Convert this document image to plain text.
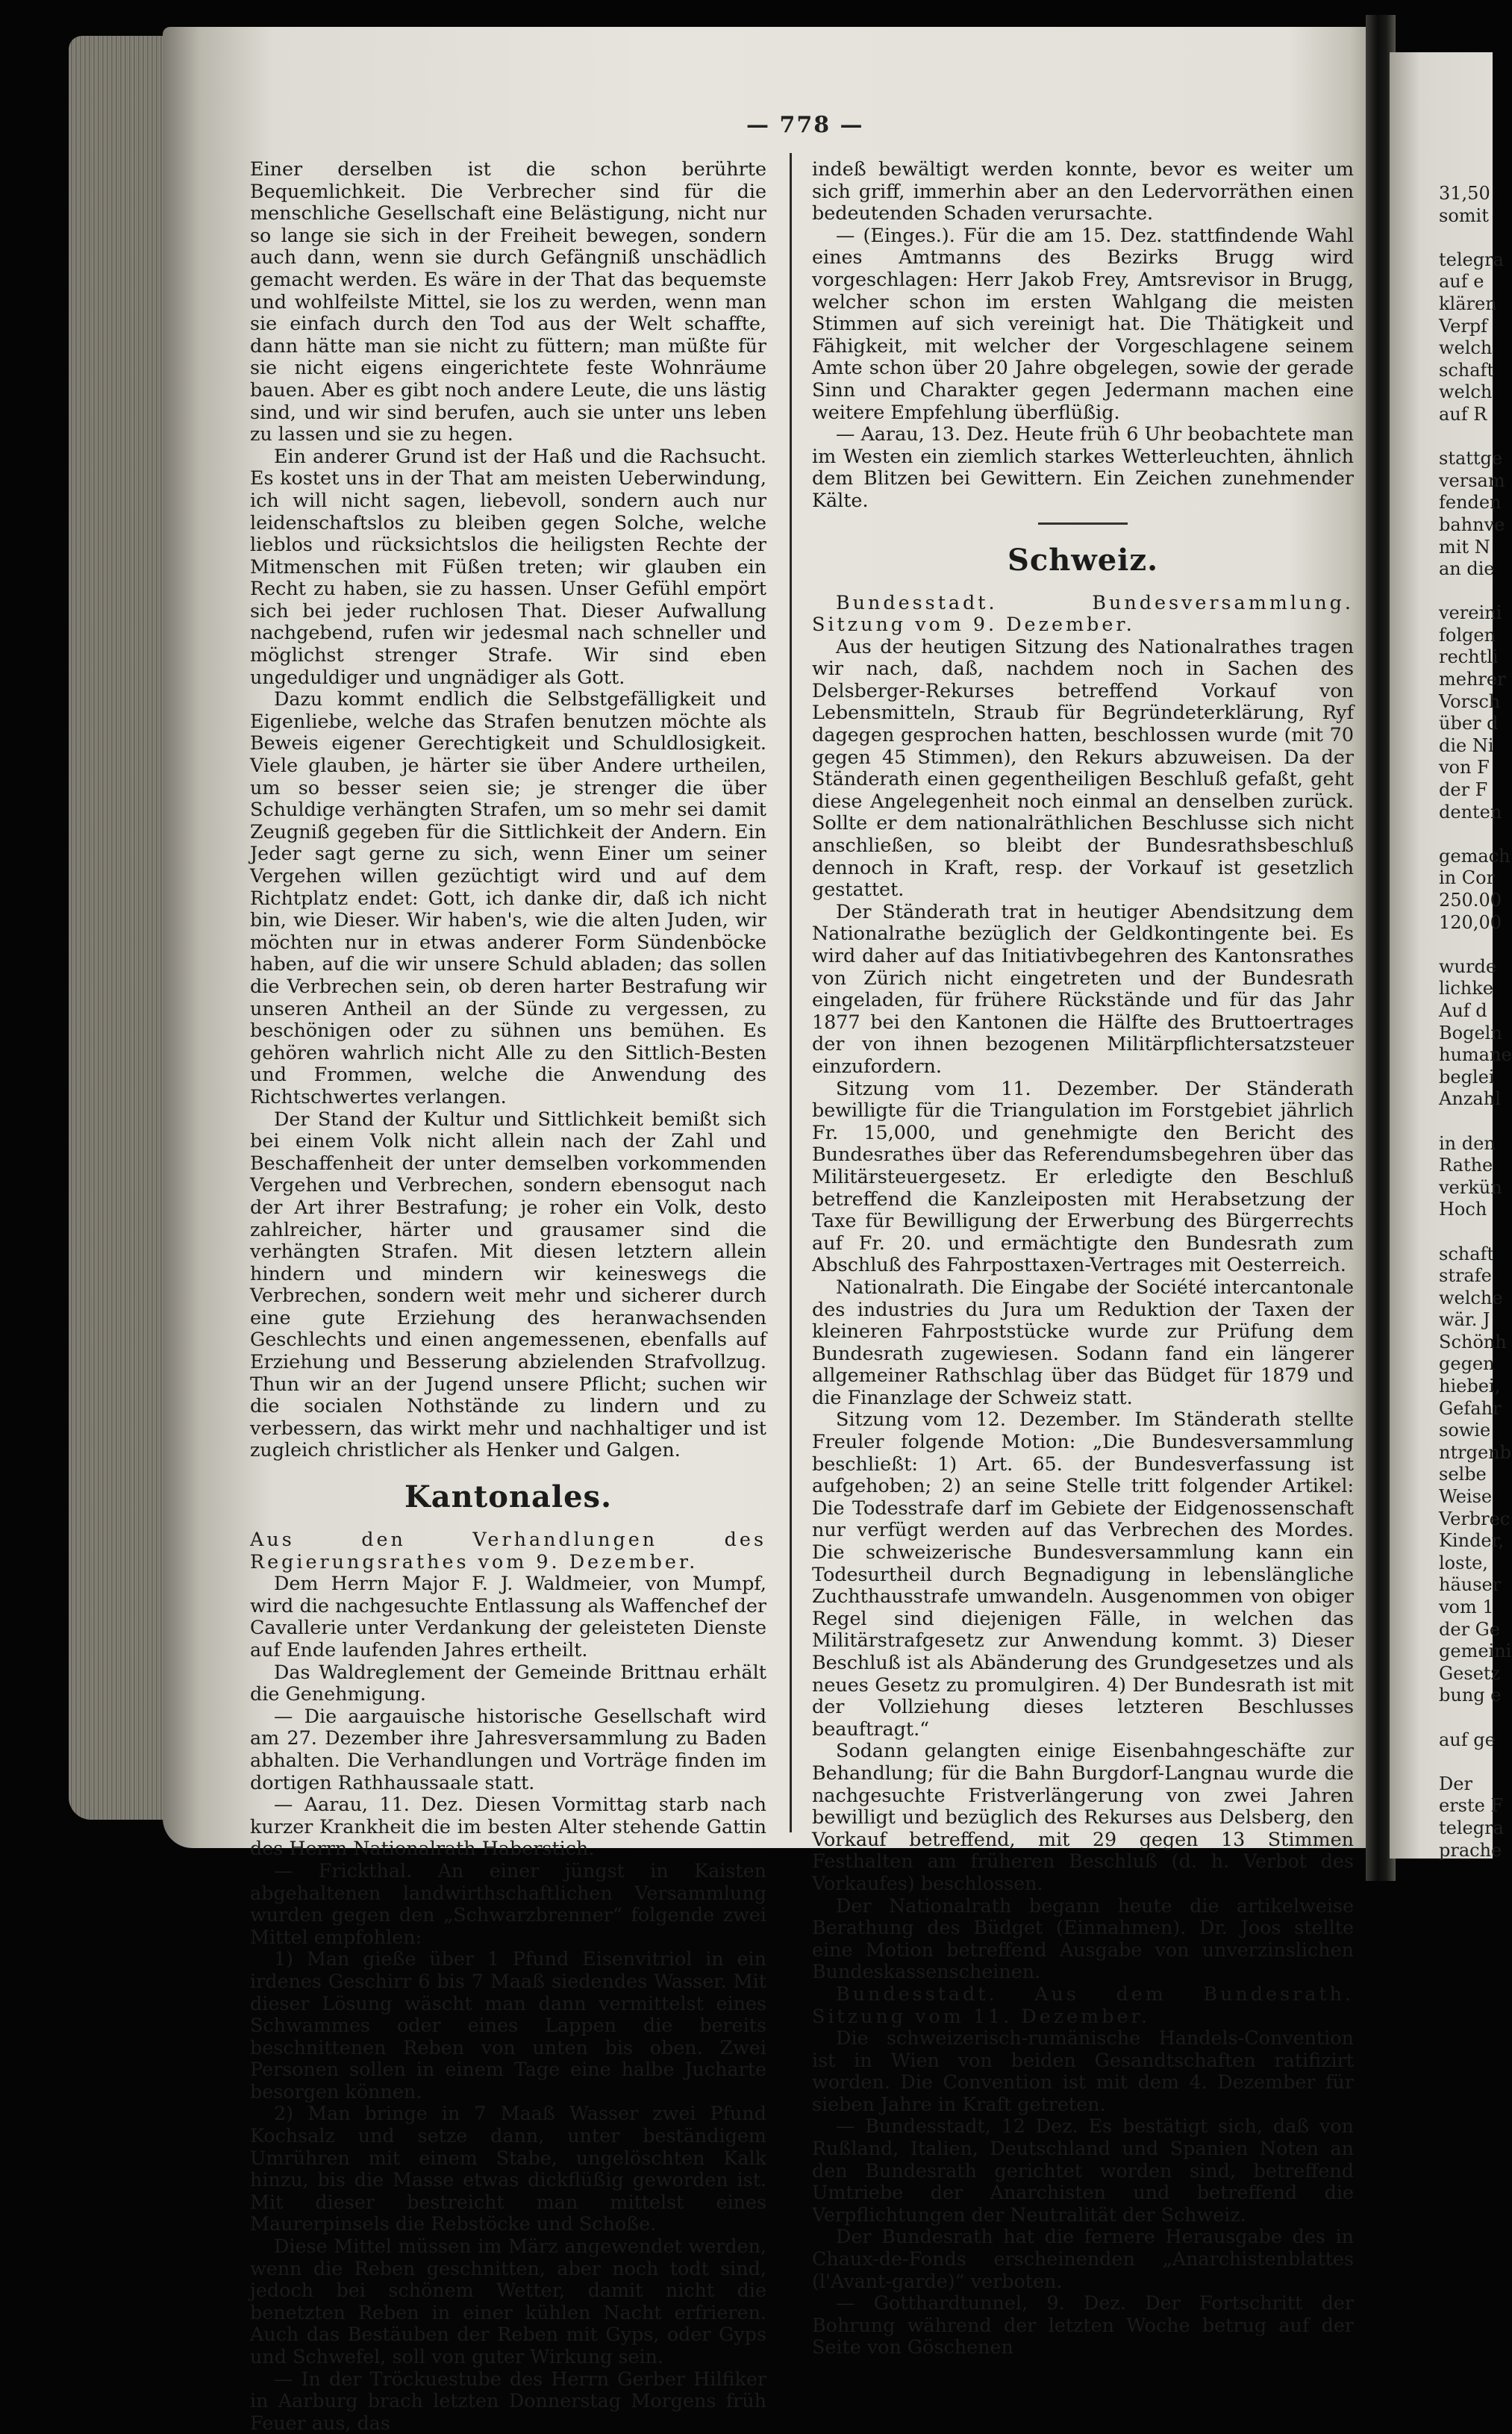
— 778 —

Einer derselben ist die schon berührte Bequemlichkeit. Die Verbrecher sind für die menschliche Gesellschaft eine Belästigung, nicht nur so lange sie sich in der Freiheit bewegen, sondern auch dann, wenn sie durch Gefängniß unschädlich gemacht werden. Es wäre in der That das bequemste und wohlfeilste Mittel, sie los zu werden, wenn man sie einfach durch den Tod aus der Welt schaffte, dann hätte man sie nicht zu füttern; man müßte für sie nicht eigens eingerichtete feste Wohnräume bauen. Aber es gibt noch andere Leute, die uns lästig sind, und wir sind berufen, auch sie unter uns leben zu lassen und sie zu hegen.

Ein anderer Grund ist der Haß und die Rachsucht. Es kostet uns in der That am meisten Ueberwindung, ich will nicht sagen, liebevoll, sondern auch nur leidenschaftslos zu bleiben gegen Solche, welche lieblos und rücksichtslos die heiligsten Rechte der Mitmenschen mit Füßen treten; wir glauben ein Recht zu haben, sie zu hassen. Unser Gefühl empört sich bei jeder ruchlosen That. Dieser Aufwallung nachgebend, rufen wir jedesmal nach schneller und möglichst strenger Strafe. Wir sind eben ungeduldiger und ungnädiger als Gott.

Dazu kommt endlich die Selbstgefälligkeit und Eigenliebe, welche das Strafen benutzen möchte als Beweis eigener Gerechtigkeit und Schuldlosigkeit. Viele glauben, je härter sie über Andere urtheilen, um so besser seien sie; je strenger die über Schuldige verhängten Strafen, um so mehr sei damit Zeugniß gegeben für die Sittlichkeit der Andern. Ein Jeder sagt gerne zu sich, wenn Einer um seiner Vergehen willen gezüchtigt wird und auf dem Richtplatz endet: Gott, ich danke dir, daß ich nicht bin, wie Dieser. Wir haben's, wie die alten Juden, wir möchten nur in etwas anderer Form Sündenböcke haben, auf die wir unsere Schuld abladen; das sollen die Verbrechen sein, ob deren harter Bestrafung wir unseren Antheil an der Sünde zu vergessen, zu beschönigen oder zu sühnen uns bemühen. Es gehören wahrlich nicht Alle zu den Sittlich-Besten und Frommen, welche die Anwendung des Richtschwertes verlangen.

Der Stand der Kultur und Sittlichkeit bemißt sich bei einem Volk nicht allein nach der Zahl und Beschaffenheit der unter demselben vorkommenden Vergehen und Verbrechen, sondern ebensogut nach der Art ihrer Bestrafung; je roher ein Volk, desto zahlreicher, härter und grausamer sind die verhängten Strafen. Mit diesen letztern allein hindern und mindern wir keineswegs die Verbrechen, sondern weit mehr und sicherer durch eine gute Erziehung des heranwachsenden Geschlechts und einen angemessenen, ebenfalls auf Erziehung und Besserung abzielenden Strafvollzug. Thun wir an der Jugend unsere Pflicht; suchen wir die socialen Nothstände zu lindern und zu verbessern, das wirkt mehr und nachhaltiger und ist zugleich christlicher als Henker und Galgen.

Kantonales.

Aus den Verhandlungen des Regierungsrathes vom 9. Dezember.

Dem Herrn Major F. J. Waldmeier, von Mumpf, wird die nachgesuchte Entlassung als Waffenchef der Cavallerie unter Verdankung der geleisteten Dienste auf Ende laufenden Jahres ertheilt.

Das Waldreglement der Gemeinde Brittnau erhält die Genehmigung.

— Die aargauische historische Gesellschaft wird am 27. Dezember ihre Jahresversammlung zu Baden abhalten. Die Verhandlungen und Vorträge finden im dortigen Rathhaussaale statt.

— Aarau, 11. Dez. Diesen Vormittag starb nach kurzer Krankheit die im besten Alter stehende Gattin des Herrn Nationalrath Haberstich.

— Frickthal. An einer jüngst in Kaisten abgehaltenen landwirthschaftlichen Versammlung wurden gegen den „Schwarzbrenner“ folgende zwei Mittel empfohlen:

1) Man gieße über 1 Pfund Eisenvitriol in ein irdenes Geschirr 6 bis 7 Maaß siedendes Wasser. Mit dieser Lösung wäscht man dann vermittelst eines Schwammes oder eines Lappen die bereits beschnittenen Reben von unten bis oben. Zwei Personen sollen in einem Tage eine halbe Jucharte besorgen können.

2) Man bringe in 7 Maaß Wasser zwei Pfund Kochsalz und setze dann, unter beständigem Umrühren mit einem Stabe, ungelöschten Kalk hinzu, bis die Masse etwas dickflüßig geworden ist. Mit dieser bestreicht man mittelst eines Maurerpinsels die Rebstöcke und Schoße.

Diese Mittel müssen im März angewendet werden, wenn die Reben geschnitten, aber noch todt sind, jedoch bei schönem Wetter, damit nicht die benetzten Reben in einer kühlen Nacht erfrieren. Auch das Bestäuben der Reben mit Gyps, oder Gyps und Schwefel, soll von guter Wirkung sein.

— In der Tröckuestube des Herrn Gerber Hilfiker in Aarburg brach letzten Donnerstag Morgens früh Feuer aus, das

indeß bewältigt werden konnte, bevor es weiter um sich griff, immerhin aber an den Ledervorräthen einen bedeutenden Schaden verursachte.

— (Einges.). Für die am 15. Dez. stattfindende Wahl eines Amtmanns des Bezirks Brugg wird vorgeschlagen: Herr Jakob Frey, Amtsrevisor in Brugg, welcher schon im ersten Wahlgang die meisten Stimmen auf sich vereinigt hat. Die Thätigkeit und Fähigkeit, mit welcher der Vorgeschlagene seinem Amte schon über 20 Jahre obgelegen, sowie der gerade Sinn und Charakter gegen Jedermann machen eine weitere Empfehlung überflüßig.

— Aarau, 13. Dez. Heute früh 6 Uhr beobachtete man im Westen ein ziemlich starkes Wetterleuchten, ähnlich dem Blitzen bei Gewittern. Ein Zeichen zunehmender Kälte.

Schweiz.

Bundesstadt. Bundesversammlung. Sitzung vom 9. Dezember.

Aus der heutigen Sitzung des Nationalrathes tragen wir nach, daß, nachdem noch in Sachen des Delsberger-Rekurses betreffend Vorkauf von Lebensmitteln, Straub für Begründeterklärung, Ryf dagegen gesprochen hatten, beschlossen wurde (mit 70 gegen 45 Stimmen), den Rekurs abzuweisen. Da der Ständerath einen gegentheiligen Beschluß gefaßt, geht diese Angelegenheit noch einmal an denselben zurück. Sollte er dem nationalräthlichen Beschlusse sich nicht anschließen, so bleibt der Bundesrathsbeschluß dennoch in Kraft, resp. der Vorkauf ist gesetzlich gestattet.

Der Ständerath trat in heutiger Abendsitzung dem Nationalrathe bezüglich der Geldkontingente bei. Es wird daher auf das Initiativbegehren des Kantonsrathes von Zürich nicht eingetreten und der Bundesrath eingeladen, für frühere Rückstände und für das Jahr 1877 bei den Kantonen die Hälfte des Bruttoertrages der von ihnen bezogenen Militärpflichtersatzsteuer einzufordern.

Sitzung vom 11. Dezember. Der Ständerath bewilligte für die Triangulation im Forstgebiet jährlich Fr. 15,000, und genehmigte den Bericht des Bundesrathes über das Referendumsbegehren über das Militärsteuergesetz. Er erledigte den Beschluß betreffend die Kanzleiposten mit Herabsetzung der Taxe für Bewilligung der Erwerbung des Bürgerrechts auf Fr. 20. und ermächtigte den Bundesrath zum Abschluß des Fahrposttaxen-Vertrages mit Oesterreich.

Nationalrath. Die Eingabe der Société intercantonale des industries du Jura um Reduktion der Taxen der kleineren Fahrpoststücke wurde zur Prüfung dem Bundesrath zugewiesen. Sodann fand ein längerer allgemeiner Rathschlag über das Büdget für 1879 und die Finanzlage der Schweiz statt.

Sitzung vom 12. Dezember. Im Ständerath stellte Freuler folgende Motion: „Die Bundesversammlung beschließt: 1) Art. 65. der Bundesverfassung ist aufgehoben; 2) an seine Stelle tritt folgender Artikel: Die Todesstrafe darf im Gebiete der Eidgenossenschaft nur verfügt werden auf das Verbrechen des Mordes. Die schweizerische Bundesversammlung kann ein Todesurtheil durch Begnadigung in lebenslängliche Zuchthausstrafe umwandeln. Ausgenommen von obiger Regel sind diejenigen Fälle, in welchen das Militärstrafgesetz zur Anwendung kommt. 3) Dieser Beschluß ist als Abänderung des Grundgesetzes und als neues Gesetz zu promulgiren. 4) Der Bundesrath ist mit der Vollziehung dieses letzteren Beschlusses beauftragt.“

Sodann gelangten einige Eisenbahngeschäfte zur Behandlung; für die Bahn Burgdorf-Langnau wurde die nachgesuchte Fristverlängerung von zwei Jahren bewilligt und bezüglich des Rekurses aus Delsberg, den Vorkauf betreffend, mit 29 gegen 13 Stimmen Festhalten am früheren Beschluß (d. h. Verbot des Vorkaufes) beschlossen.

Der Nationalrath begann heute die artikelweise Berathung des Büdget (Einnahmen). Dr. Joos stellte eine Motion betreffend Ausgabe von unverzinslichen Bundeskassenscheinen.

Bundesstadt. Aus dem Bundesrath. Sitzung vom 11. Dezember.

Die schweizerisch-rumänische Handels-Convention ist in Wien von beiden Gesandtschaften ratifizirt worden. Die Convention ist mit dem 4. Dezember für sieben Jahre in Kraft getreten.

— Bundesstadt, 12 Dez. Es bestätigt sich, daß von Rußland, Italien, Deutschland und Spanien Noten an den Bundesrath gerichtet worden sind, betreffend Umtriebe der Anarchisten und betreffend die Verpflichtungen der Neutralität der Schweiz.

Der Bundesrath hat die fernere Herausgabe des in Chaux-de-Fonds erscheinenden „Anarchistenblattes (l'Avant-garde)“ verboten.

— Gotthardtunnel, 9. Dez. Der Fortschritt der Bohrung während der letzten Woche betrug auf der Seite von Göschenen

31,50
somit
telegra
auf e
klären
Verpf
welch
schaft
welch
auf R
stattge
versam
fenden
bahnve
mit N
an die
vereini
folgen
rechtli
mehrer
Vorsch
über d
die Ni
von F
der F
denten
gemach
in Cor
250.00
120,00
wurde
lichke
Auf d
Bogeln
humane
beglei
Anzahl
in den
Rathe
verkün
Hoch
schaft
strafe
welche
wär. J
Schönh
gegen
hiebei,
Gefahr
sowie
ntrgenb
selbe
Weise
Verbrec
Kinder,
loste,
häuser
vom 1
der Ge
gemeini
Gesetz
bung e
auf ge
Der
erste F
telegra
prache
